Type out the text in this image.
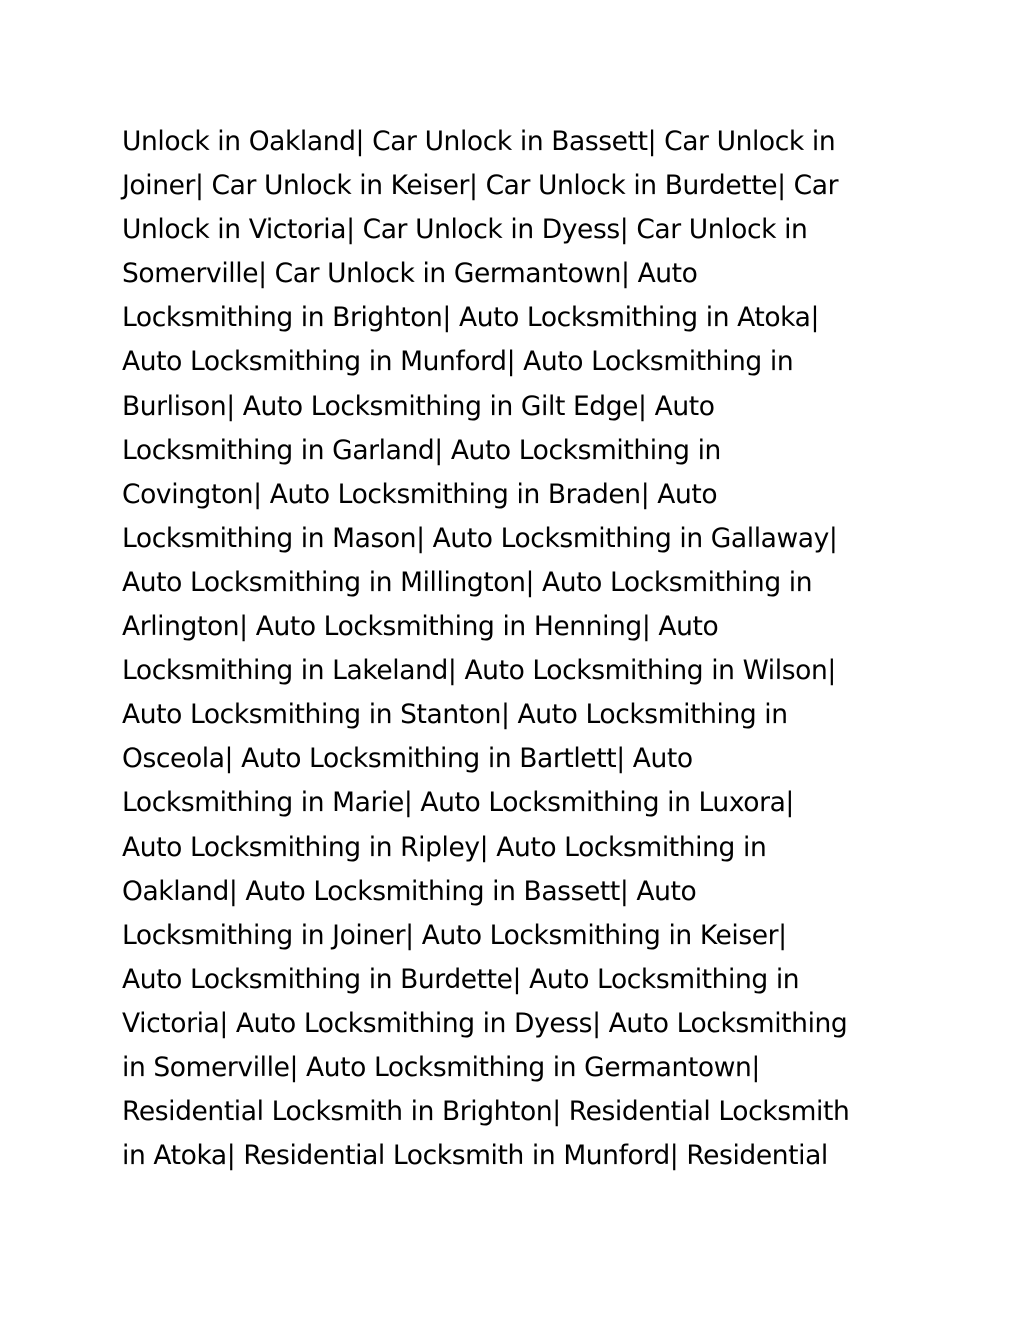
Unlock in Oakland| Car Unlock in Bassett| Car Unlock in
Joiner| Car Unlock in Keiser| Car Unlock in Burdette| Car
Unlock in Victoria| Car Unlock in Dyess| Car Unlock in
Somerville| Car Unlock in Germantown| Auto
Locksmithing in Brighton| Auto Locksmithing in Atoka|
Auto Locksmithing in Munford| Auto Locksmithing in
Burlison| Auto Locksmithing in Gilt Edge| Auto
Locksmithing in Garland| Auto Locksmithing in
Covington| Auto Locksmithing in Braden| Auto
Locksmithing in Mason| Auto Locksmithing in Gallaway|
Auto Locksmithing in Millington| Auto Locksmithing in
Arlington| Auto Locksmithing in Henning| Auto
Locksmithing in Lakeland| Auto Locksmithing in Wilson|
Auto Locksmithing in Stanton| Auto Locksmithing in
Osceola| Auto Locksmithing in Bartlett| Auto
Locksmithing in Marie| Auto Locksmithing in Luxora|
Auto Locksmithing in Ripley| Auto Locksmithing in
Oakland| Auto Locksmithing in Bassett| Auto
Locksmithing in Joiner| Auto Locksmithing in Keiser|
Auto Locksmithing in Burdette| Auto Locksmithing in
Victoria| Auto Locksmithing in Dyess| Auto Locksmithing
in Somerville| Auto Locksmithing in Germantown|
Residential Locksmith in Brighton| Residential Locksmith
in Atoka| Residential Locksmith in Munford| Residential
